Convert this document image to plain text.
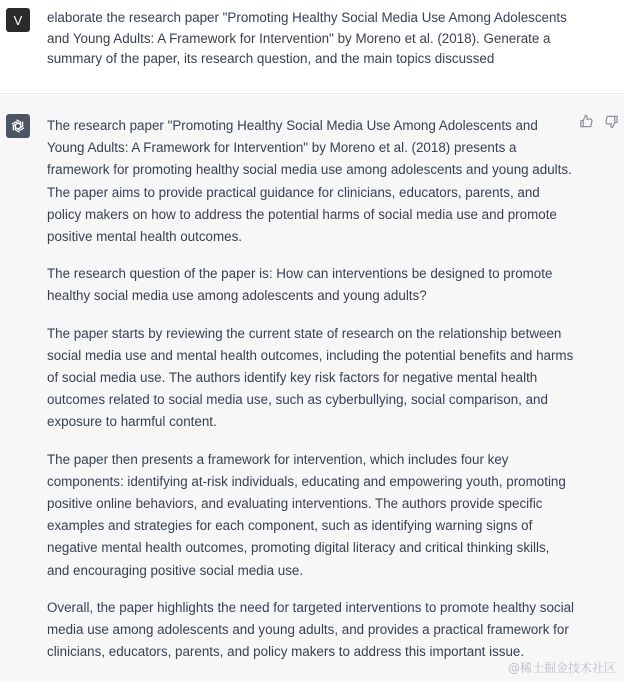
V	elaborate the research paper "Promoting Healthy Social Media Use Among Adolescents and Young Adults: A Framework for Intervention" by Moreno et al. (2018). Generate a summary of the paper, its research question, and the main topics discussed

The research paper "Promoting Healthy Social Media Use Among Adolescents and Young Adults: A Framework for Intervention" by Moreno et al. (2018) presents a framework for promoting healthy social media use among adolescents and young adults. The paper aims to provide practical guidance for clinicians, educators, parents, and policy makers on how to address the potential harms of social media use and promote positive mental health outcomes.

The research question of the paper is: How can interventions be designed to promote healthy social media use among adolescents and young adults?

The paper starts by reviewing the current state of research on the relationship between social media use and mental health outcomes, including the potential benefits and harms of social media use. The authors identify key risk factors for negative mental health outcomes related to social media use, such as cyberbullying, social comparison, and exposure to harmful content.

The paper then presents a framework for intervention, which includes four key components: identifying at-risk individuals, educating and empowering youth, promoting positive online behaviors, and evaluating interventions. The authors provide specific examples and strategies for each component, such as identifying warning signs of negative mental health outcomes, promoting digital literacy and critical thinking skills, and encouraging positive social media use.

Overall, the paper highlights the need for targeted interventions to promote healthy social media use among adolescents and young adults, and provides a practical framework for clinicians, educators, parents, and policy makers to address this important issue.

@稀土掘金技术社区
